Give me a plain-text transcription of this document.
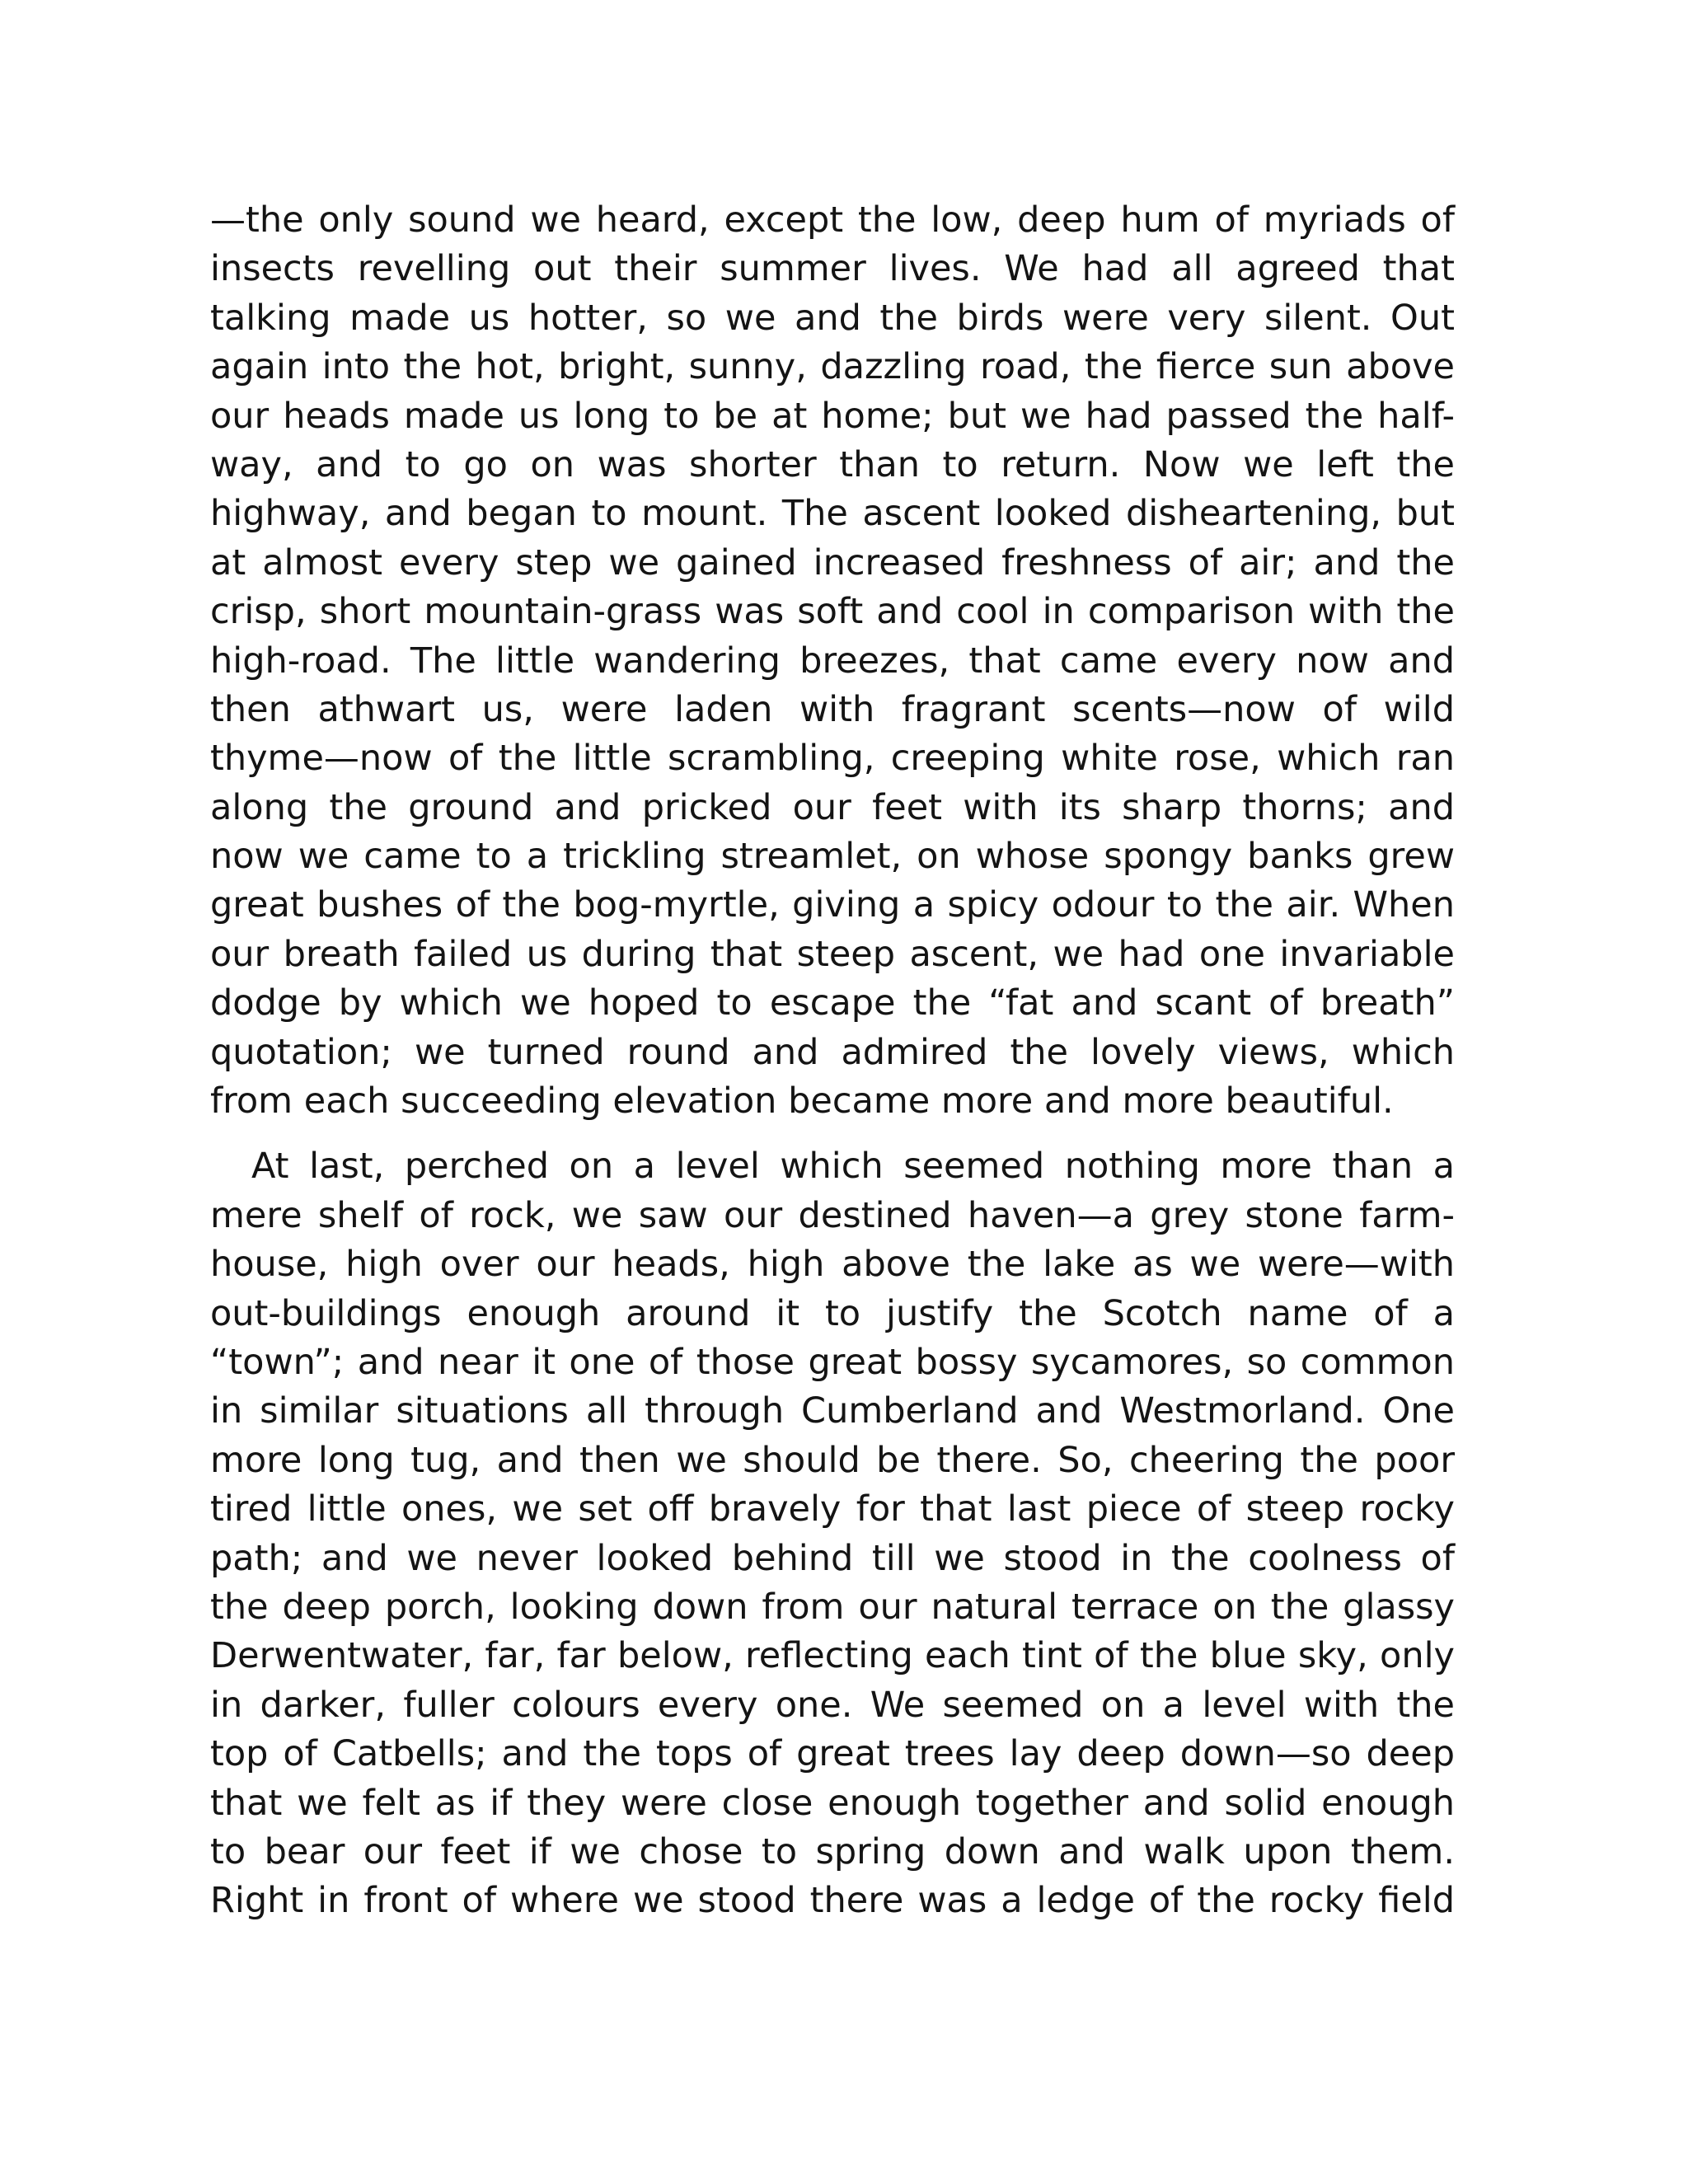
—the only sound we heard, except the low, deep hum of myriads of
insects revelling out their summer lives. We had all agreed that
talking made us hotter, so we and the birds were very silent. Out
again into the hot, bright, sunny, dazzling road, the fierce sun above
our heads made us long to be at home; but we had passed the half-
way, and to go on was shorter than to return. Now we left the
highway, and began to mount. The ascent looked disheartening, but
at almost every step we gained increased freshness of air; and the
crisp, short mountain-grass was soft and cool in comparison with the
high-road. The little wandering breezes, that came every now and
then athwart us, were laden with fragrant scents—now of wild
thyme—now of the little scrambling, creeping white rose, which ran
along the ground and pricked our feet with its sharp thorns; and
now we came to a trickling streamlet, on whose spongy banks grew
great bushes of the bog-myrtle, giving a spicy odour to the air. When
our breath failed us during that steep ascent, we had one invariable
dodge by which we hoped to escape the “fat and scant of breath”
quotation; we turned round and admired the lovely views, which
from each succeeding elevation became more and more beautiful.
At last, perched on a level which seemed nothing more than a
mere shelf of rock, we saw our destined haven—a grey stone farm-
house, high over our heads, high above the lake as we were—with
out-buildings enough around it to justify the Scotch name of a
“town”; and near it one of those great bossy sycamores, so common
in similar situations all through Cumberland and Westmorland. One
more long tug, and then we should be there. So, cheering the poor
tired little ones, we set off bravely for that last piece of steep rocky
path; and we never looked behind till we stood in the coolness of
the deep porch, looking down from our natural terrace on the glassy
Derwentwater, far, far below, reflecting each tint of the blue sky, only
in darker, fuller colours every one. We seemed on a level with the
top of Catbells; and the tops of great trees lay deep down—so deep
that we felt as if they were close enough together and solid enough
to bear our feet if we chose to spring down and walk upon them.
Right in front of where we stood there was a ledge of the rocky field
